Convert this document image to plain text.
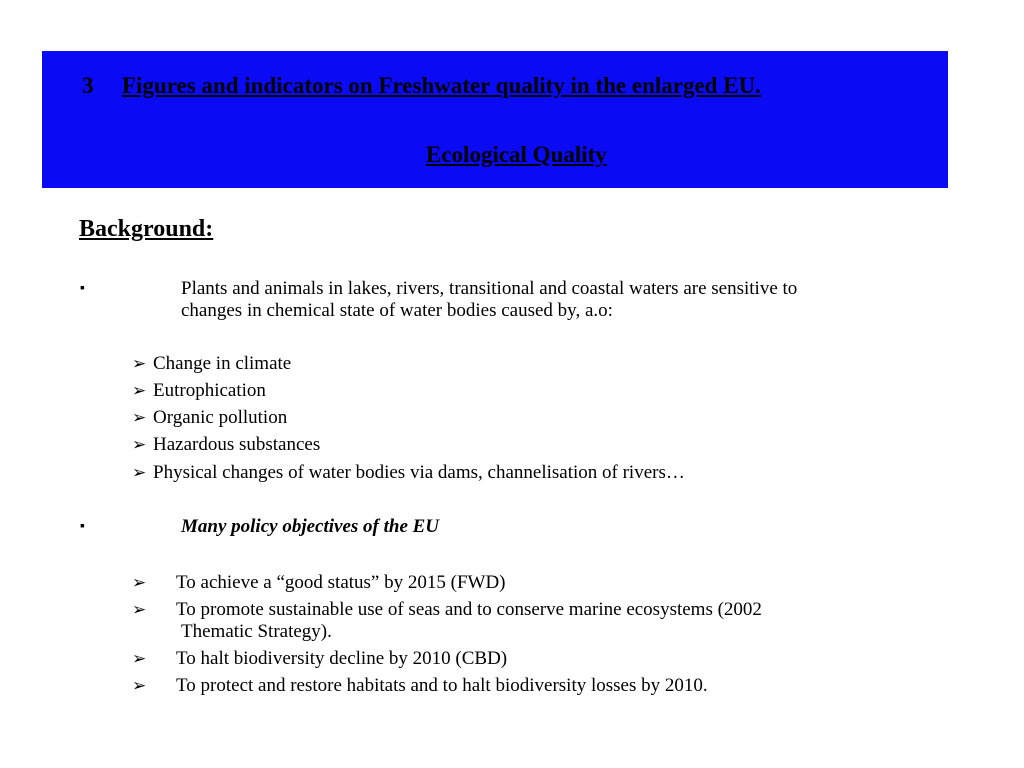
3 Figures and indicators on Freshwater quality in the enlarged EU.
Ecological Quality
Background:
▪	Plants and animals in lakes, rivers, transitional and coastal waters are sensitive to
changes in chemical state of water bodies caused by, a.o:
➢ Change in climate
➢ Eutrophication
➢ Organic pollution
➢ Hazardous substances
➢ Physical changes of water bodies via dams, channelisation of rivers…
▪	Many policy objectives of the EU
➢ To achieve a “good status” by 2015 (FWD)
➢ To promote sustainable use of seas and to conserve marine ecosystems (2002
Thematic Strategy).
➢ To halt biodiversity decline by 2010 (CBD)
➢ To protect and restore habitats and to halt biodiversity losses by 2010.
